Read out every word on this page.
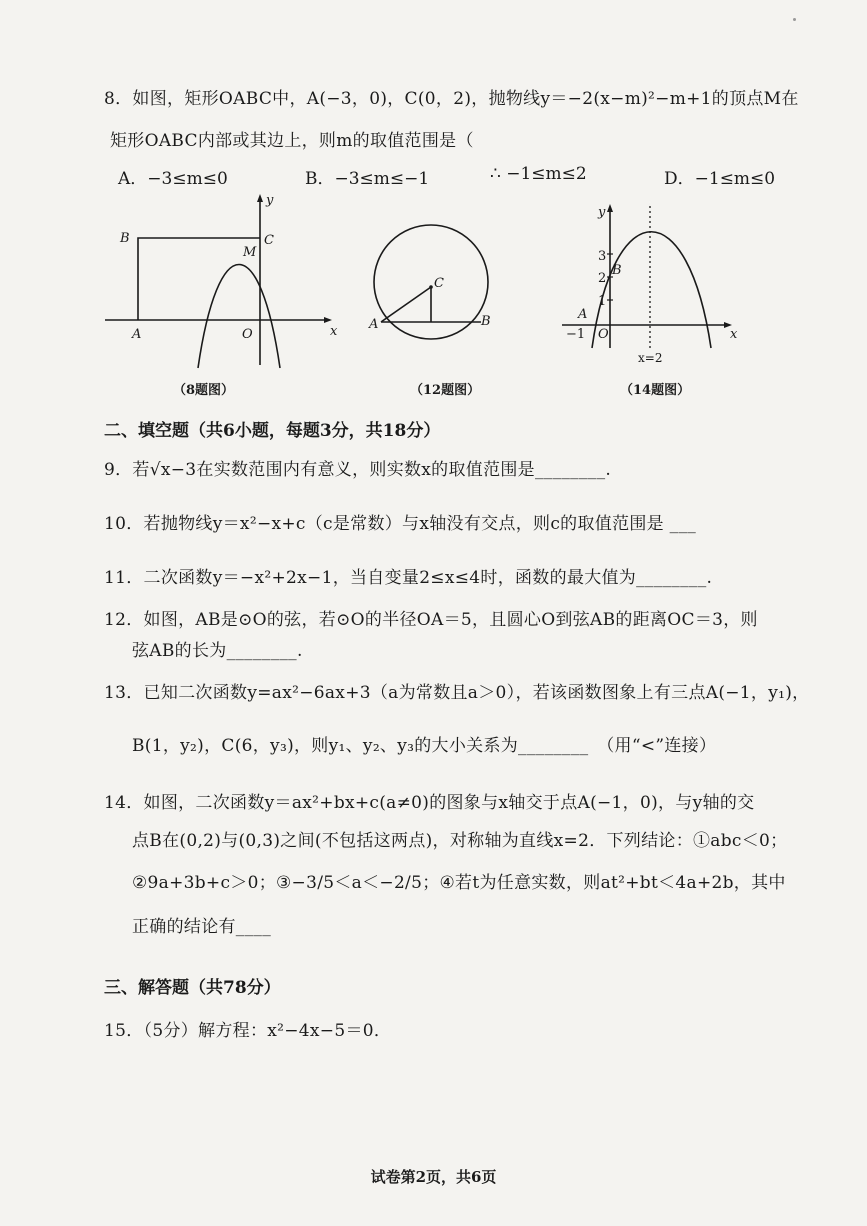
8．如图，矩形OABC中，A(−3，0)，C(0，2)，抛物线y＝−2(x−m)²−m+1的顶点M在
矩形OABC内部或其边上，则m的取值范围是（
A．−3≤m≤0	B．−3≤m≤−1	∴ −1≤m≤2	D．−1≤m≤0
y
B	C
M
A	O	x
（8题图）
C
A	B
（12题图）
y
3
2
1
B
A
−1 O	x
x=2
（14题图）
二、填空题（共6小题，每题3分，共18分）
9．若√x−3在实数范围内有意义，则实数x的取值范围是________.
10．若抛物线y＝x²−x+c（c是常数）与x轴没有交点，则c的取值范围是 ___
11．二次函数y＝−x²+2x−1，当自变量2≤x≤4时，函数的最大值为________.
12．如图，AB是⊙O的弦，若⊙O的半径OA＝5，且圆心O到弦AB的距离OC＝3，则
弦AB的长为________.
13．已知二次函数y=ax²−6ax+3（a为常数且a＞0），若该函数图象上有三点A(−1，y₁)，
B(1，y₂)，C(6，y₃)，则y₁、y₂、y₃的大小关系为________　（用“<”连接）
14．如图，二次函数y＝ax²+bx+c(a≠0)的图象与x轴交于点A(−1，0)，与y轴的交
点B在(0,2)与(0,3)之间(不包括这两点)，对称轴为直线x=2．下列结论：①abc＜0；
②9a+3b+c＞0；③−3/5＜a＜−2/5；④若t为任意实数，则at²+bt＜4a+2b，其中
正确的结论有____
三、解答题（共78分）
15．（5分）解方程：x²−4x−5＝0．
试卷第2页，共6页
